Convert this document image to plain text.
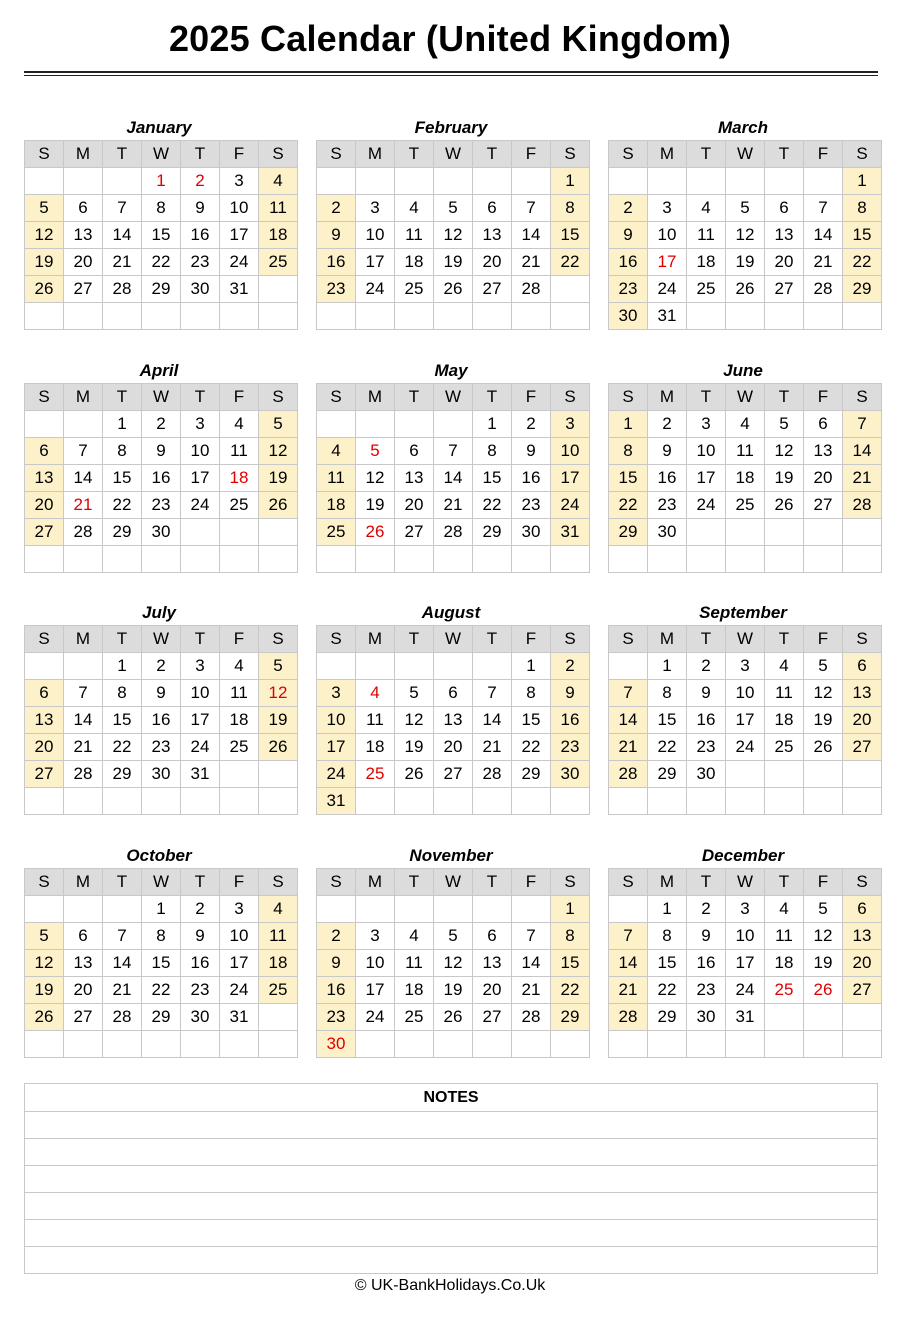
2025 Calendar (United Kingdom)
January
S	M	T	W	T	F	S
			1	2	3	4
5	6	7	8	9	10	11
12	13	14	15	16	17	18
19	20	21	22	23	24	25
26	27	28	29	30	31	

February
S	M	T	W	T	F	S
						1
2	3	4	5	6	7	8
9	10	11	12	13	14	15
16	17	18	19	20	21	22
23	24	25	26	27	28	

March
S	M	T	W	T	F	S
						1
2	3	4	5	6	7	8
9	10	11	12	13	14	15
16	17	18	19	20	21	22
23	24	25	26	27	28	29
30	31					
April
S	M	T	W	T	F	S
		1	2	3	4	5
6	7	8	9	10	11	12
13	14	15	16	17	18	19
20	21	22	23	24	25	26
27	28	29	30			

May
S	M	T	W	T	F	S
				1	2	3
4	5	6	7	8	9	10
11	12	13	14	15	16	17
18	19	20	21	22	23	24
25	26	27	28	29	30	31

June
S	M	T	W	T	F	S
1	2	3	4	5	6	7
8	9	10	11	12	13	14
15	16	17	18	19	20	21
22	23	24	25	26	27	28
29	30					

July
S	M	T	W	T	F	S
		1	2	3	4	5
6	7	8	9	10	11	12
13	14	15	16	17	18	19
20	21	22	23	24	25	26
27	28	29	30	31		

August
S	M	T	W	T	F	S
					1	2
3	4	5	6	7	8	9
10	11	12	13	14	15	16
17	18	19	20	21	22	23
24	25	26	27	28	29	30
31						
September
S	M	T	W	T	F	S
	1	2	3	4	5	6
7	8	9	10	11	12	13
14	15	16	17	18	19	20
21	22	23	24	25	26	27
28	29	30				

October
S	M	T	W	T	F	S
			1	2	3	4
5	6	7	8	9	10	11
12	13	14	15	16	17	18
19	20	21	22	23	24	25
26	27	28	29	30	31	

November
S	M	T	W	T	F	S
						1
2	3	4	5	6	7	8
9	10	11	12	13	14	15
16	17	18	19	20	21	22
23	24	25	26	27	28	29
30						
December
S	M	T	W	T	F	S
	1	2	3	4	5	6
7	8	9	10	11	12	13
14	15	16	17	18	19	20
21	22	23	24	25	26	27
28	29	30	31			

NOTES
© UK-BankHolidays.Co.Uk
